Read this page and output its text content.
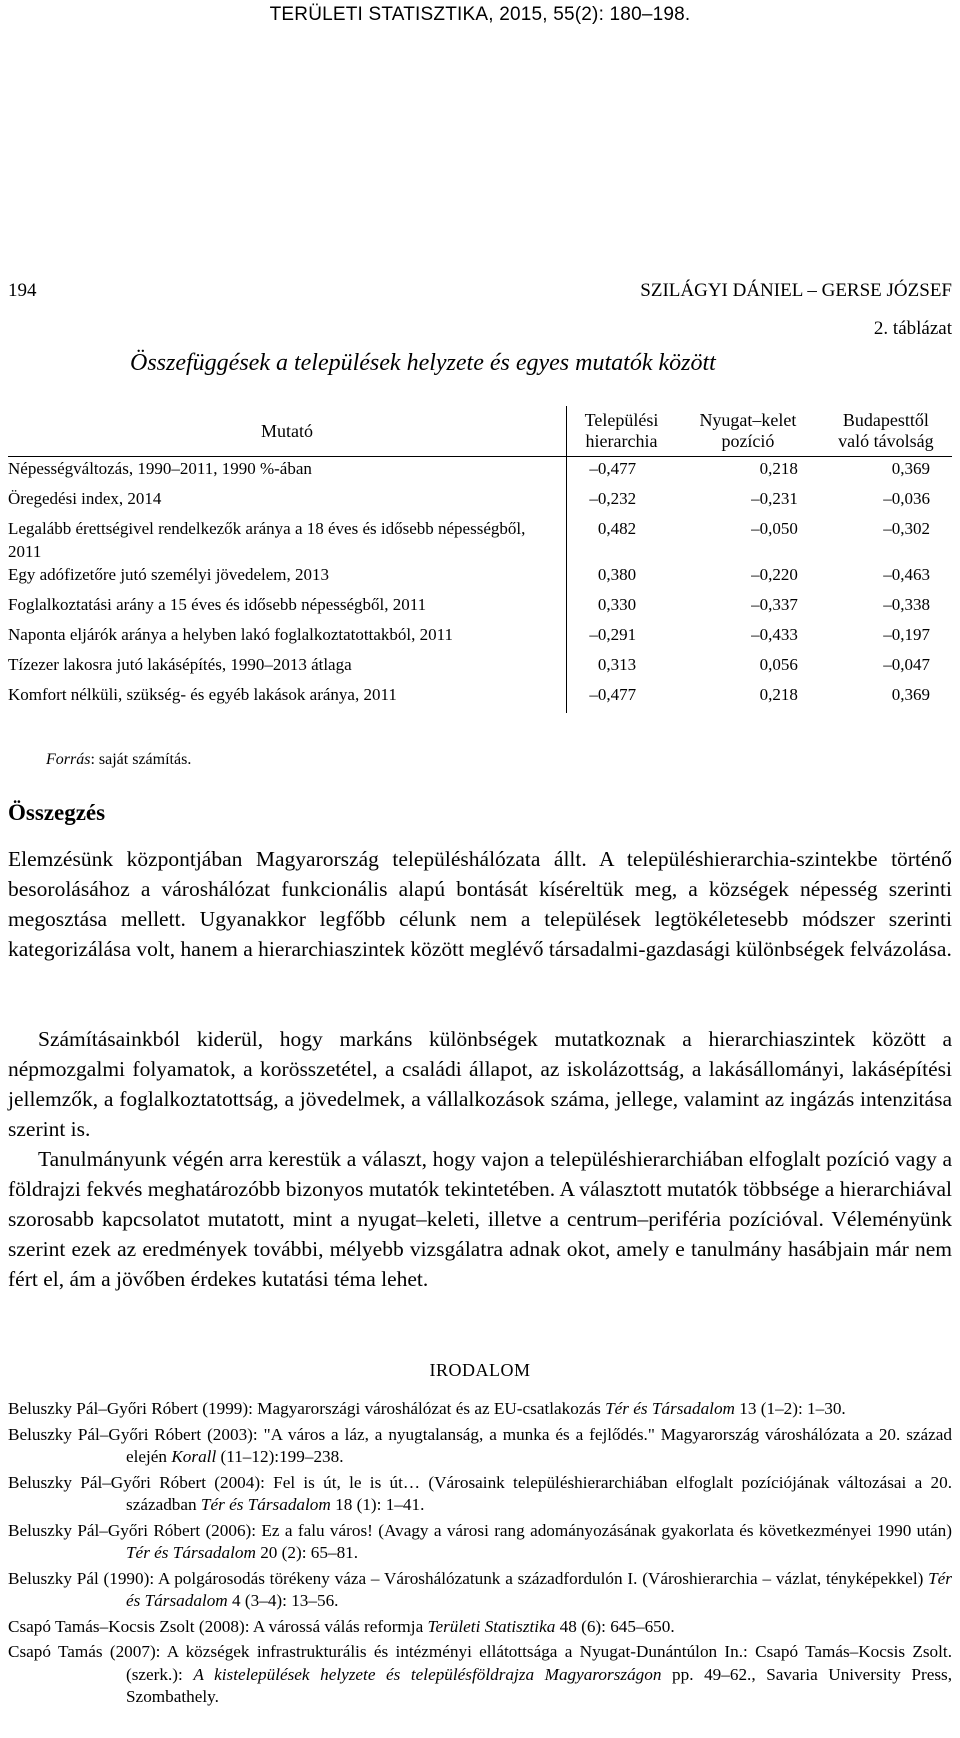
TERÜLETI STATISZTIKA, 2015, 55(2): 180–198.
194	SZILÁGYI DÁNIEL – GERSE JÓZSEF
2. táblázat
Összefüggések a települések helyzete és egyes mutatók között
Mutató	Települési hierarchia	Nyugat–kelet pozíció	Budapesttől való távolság
Népességváltozás, 1990–2011, 1990 %-ában	–0,477	0,218	0,369
Öregedési index, 2014	–0,232	–0,231	–0,036
Legalább érettségivel rendelkezők aránya a 18 éves és idősebb népességből, 2011	0,482	–0,050	–0,302
Egy adófizetőre jutó személyi jövedelem, 2013	0,380	–0,220	–0,463
Foglalkoztatási arány a 15 éves és idősebb népességből, 2011	0,330	–0,337	–0,338
Naponta eljárók aránya a helyben lakó foglalkoztatottakból, 2011	–0,291	–0,433	–0,197
Tízezer lakosra jutó lakásépítés, 1990–2013 átlaga	0,313	0,056	–0,047
Komfort nélküli, szükség- és egyéb lakások aránya, 2011	–0,477	0,218	0,369
Forrás: saját számítás.
Összegzés
Elemzésünk központjában Magyarország településhálózata állt. A településhierarchia-szintekbe történő besorolásához a városhálózat funkcionális alapú bontását kíséreltük meg, a községek népesség szerinti megosztása mellett. Ugyanakkor legfőbb célunk nem a települések legtökéletesebb módszer szerinti kategorizálása volt, hanem a hierarchiaszintek között meglévő társadalmi-gazdasági különbségek felvázolása.
Számításainkból kiderül, hogy markáns különbségek mutatkoznak a hierarchiaszintek között a népmozgalmi folyamatok, a korösszetétel, a családi állapot, az iskolázottság, a lakásállományi, lakásépítési jellemzők, a foglalkoztatottság, a jövedelmek, a vállalkozások száma, jellege, valamint az ingázás intenzitása szerint is.
Tanulmányunk végén arra kerestük a választ, hogy vajon a településhierarchiában elfoglalt pozíció vagy a földrajzi fekvés meghatározóbb bizonyos mutatók tekintetében. A választott mutatók többsége a hierarchiával szorosabb kapcsolatot mutatott, mint a nyugat–keleti, illetve a centrum–periféria pozícióval. Véleményünk szerint ezek az eredmények további, mélyebb vizsgálatra adnak okot, amely e tanulmány hasábjain már nem fért el, ám a jövőben érdekes kutatási téma lehet.
IRODALOM
Beluszky Pál–Győri Róbert (1999): Magyarországi városhálózat és az EU-csatlakozás Tér és Társadalom 13 (1–2): 1–30.
Beluszky Pál–Győri Róbert (2003): "A város a láz, a nyugtalanság, a munka és a fejlődés." Magyarország városhálózata a 20. század elején Korall (11–12):199–238.
Beluszky Pál–Győri Róbert (2004): Fel is út, le is út… (Városaink településhierarchiában elfoglalt pozíciójának változásai a 20. században Tér és Társadalom 18 (1): 1–41.
Beluszky Pál–Győri Róbert (2006): Ez a falu város! (Avagy a városi rang adományozásának gyakorlata és következményei 1990 után) Tér és Társadalom 20 (2): 65–81.
Beluszky Pál (1990): A polgárosodás törékeny váza – Városhálózatunk a századfordulón I. (Városhierarchia – vázlat, tényképekkel) Tér és Társadalom 4 (3–4): 13–56.
Csapó Tamás–Kocsis Zsolt (2008): A várossá válás reformja Területi Statisztika 48 (6): 645–650.
Csapó Tamás (2007): A községek infrastrukturális és intézményi ellátottsága a Nyugat-Dunántúlon In.: Csapó Tamás–Kocsis Zsolt. (szerk.): A kistelepülések helyzete és településföldrajza Magyarországon pp. 49–62., Savaria University Press, Szombathely.
